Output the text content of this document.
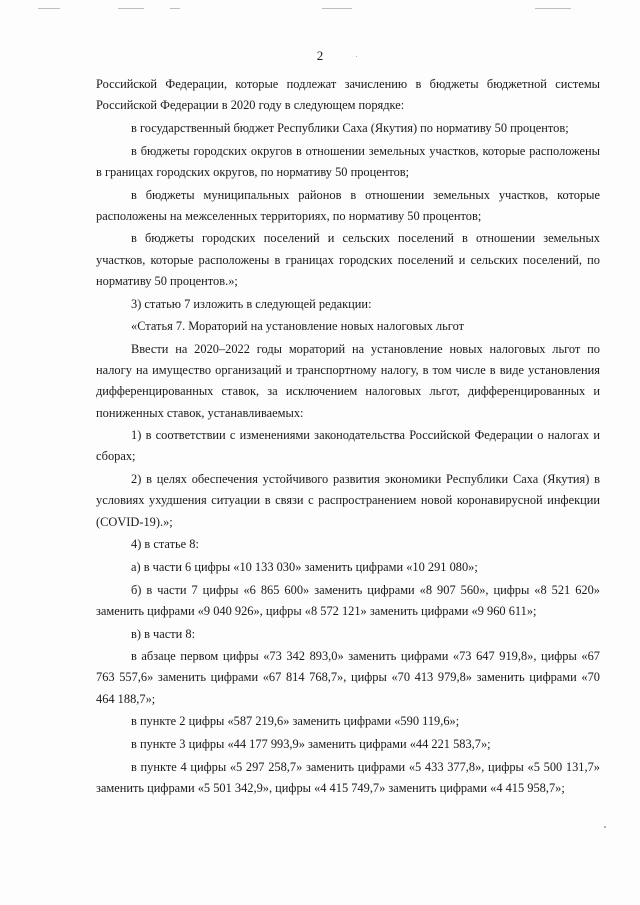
2

Российской Федерации, которые подлежат зачислению в бюджеты бюджетной системы Российской Федерации в 2020 году в следующем порядке:

в государственный бюджет Республики Саха (Якутия) по нормативу 50 процентов;

в бюджеты городских округов в отношении земельных участков, которые расположены в границах городских округов, по нормативу 50 процентов;

в бюджеты муниципальных районов в отношении земельных участков, которые расположены на межселенных территориях, по нормативу 50 процентов;

в бюджеты городских поселений и сельских поселений в отношении земельных участков, которые расположены в границах городских поселений и сельских поселений, по нормативу 50 процентов.»;

3) статью 7 изложить в следующей редакции:

«Статья 7. Мораторий на установление новых налоговых льгот

Ввести на 2020–2022 годы мораторий на установление новых налоговых льгот по налогу на имущество организаций и транспортному налогу, в том числе в виде установления дифференцированных ставок, за исключением налоговых льгот, дифференцированных и пониженных ставок, устанавливаемых:

1) в соответствии с изменениями законодательства Российской Федерации о налогах и сборах;

2) в целях обеспечения устойчивого развития экономики Республики Саха (Якутия) в условиях ухудшения ситуации в связи с распространением новой коронавирусной инфекции (COVID-19).»;

4) в статье 8:

а) в части 6 цифры «10 133 030» заменить цифрами «10 291 080»;

б) в части 7 цифры «6 865 600» заменить цифрами «8 907 560», цифры «8 521 620» заменить цифрами «9 040 926», цифры «8 572 121» заменить цифрами «9 960 611»;

в) в части 8:

в абзаце первом цифры «73 342 893,0» заменить цифрами «73 647 919,8», цифры «67 763 557,6» заменить цифрами «67 814 768,7», цифры «70 413 979,8» заменить цифрами «70 464 188,7»;

в пункте 2 цифры «587 219,6» заменить цифрами «590 119,6»;

в пункте 3 цифры «44 177 993,9» заменить цифрами «44 221 583,7»;

в пункте 4 цифры «5 297 258,7» заменить цифрами «5 433 377,8», цифры «5 500 131,7» заменить цифрами «5 501 342,9», цифры «4 415 749,7» заменить цифрами «4 415 958,7»;
